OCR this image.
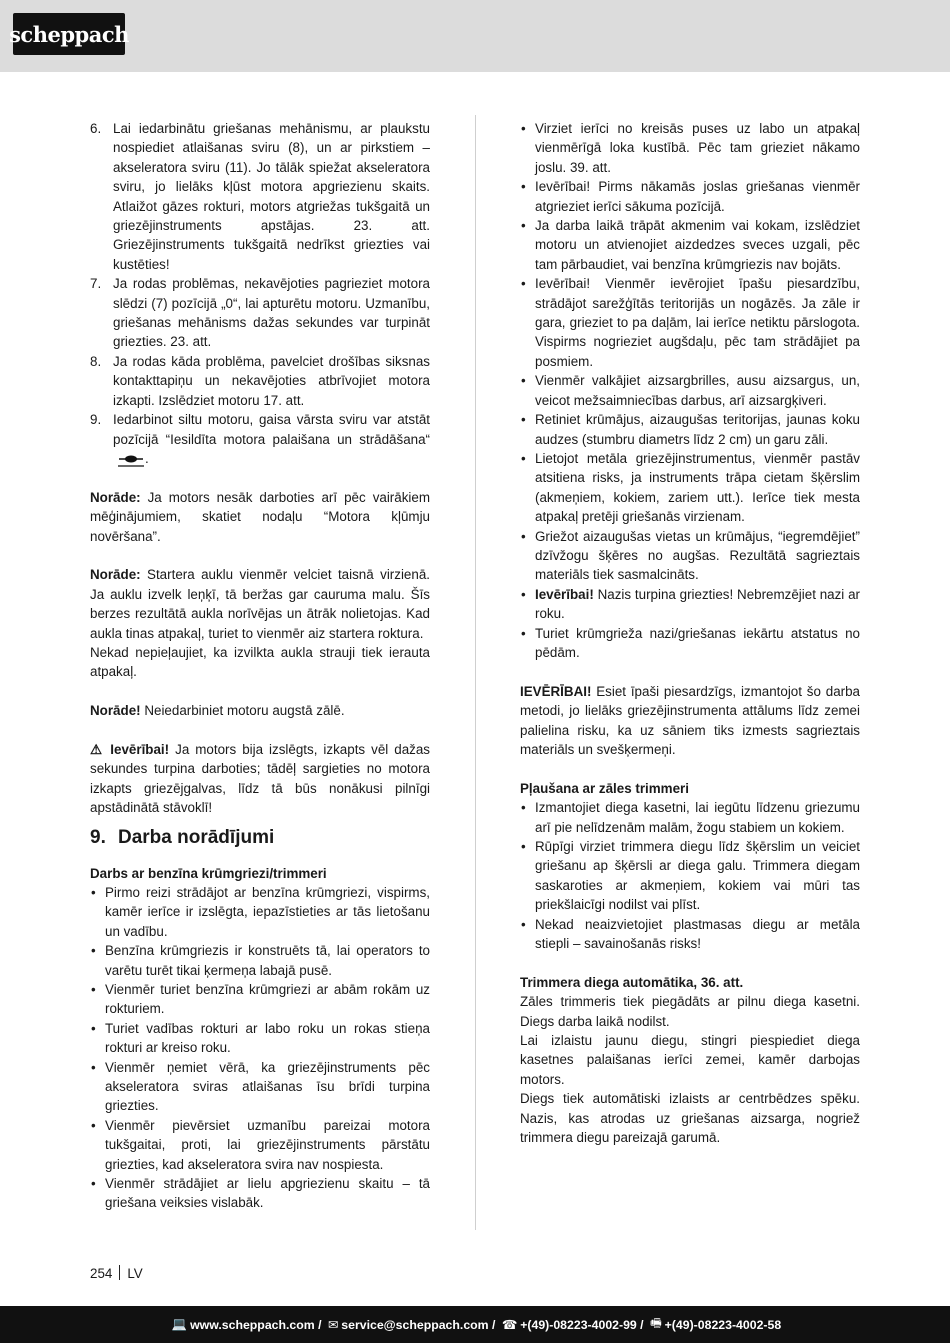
scheppach
6. Lai iedarbinātu griešanas mehānismu, ar plaukstu nospiediet atlaišanas sviru (8), un ar pirkstiem – akseleratora sviru (11). Jo tālāk spiežat akseleratora sviru, jo lielāks kļūst motora apgriezienu skaits. Atlaižot gāzes rokturi, motors atgriežas tukšgaitā un griezējinstruments apstājas. 23. att. Griezējinstruments tukšgaitā nedrīkst griezties vai kustēties!
7. Ja rodas problēmas, nekavējoties pagrieziet motora slēdzi (7) pozīcijā „0“, lai apturētu motoru. Uzmanību, griešanas mehānisms dažas sekundes var turpināt griezties. 23. att.
8. Ja rodas kāda problēma, pavelciet drošības siksnas kontakttapiņu un nekavējoties atbrīvojiet motora izkapti. Izslēdziet motoru 17. att.
9. Iedarbinot siltu motoru, gaisa vārsta sviru var atstāt pozīcijā “Iesildīta motora palaišana un strādāšana“ .

Norāde: Ja motors nesāk darboties arī pēc vairākiem mēģinājumiem, skatiet nodaļu “Motora kļūmju novēršana”.

Norāde: Startera auklu vienmēr velciet taisnā virzienā. Ja auklu izvelk leņķī, tā beržas gar cauruma malu. Šīs berzes rezultātā aukla norīvējas un ātrāk nolietojas. Kad aukla tinas atpakaļ, turiet to vienmēr aiz startera roktura.

Nekad nepieļaujiet, ka izvilkta aukla strauji tiek ierauta atpakaļ.

Norāde! Neiedarbiniet motoru augstā zālē.

⚠ Ievērībai! Ja motors bija izslēgts, izkapts vēl dažas sekundes turpina darboties; tādēļ sargieties no motora izkapts griezējgalvas, līdz tā būs nonākusi pilnīgi apstādinātā stāvoklī!

9. Darba norādījumi
Darbs ar benzīna krūmgriezi/trimmeri
• Pirmo reizi strādājot ar benzīna krūmgriezi, vispirms, kamēr ierīce ir izslēgta, iepazīstieties ar tās lietošanu un vadību.
• Benzīna krūmgriezis ir konstruēts tā, lai operators to varētu turēt tikai ķermeņa labajā pusē.
• Vienmēr turiet benzīna krūmgriezi ar abām rokām uz rokturiem.
• Turiet vadības rokturi ar labo roku un rokas stieņa rokturi ar kreiso roku.
• Vienmēr ņemiet vērā, ka griezējinstruments pēc akseleratora sviras atlaišanas īsu brīdi turpina griezties.
• Vienmēr pievērsiet uzmanību pareizai motora tukšgaitai, proti, lai griezējinstruments pārstātu griezties, kad akseleratora svira nav nospiesta.
• Vienmēr strādājiet ar lielu apgriezienu skaitu – tā griešana veiksies vislabāk.
• Virziet ierīci no kreisās puses uz labo un atpakaļ vienmērīgā loka kustībā. Pēc tam grieziet nākamo joslu. 39. att.
• Ievērībai! Pirms nākamās joslas griešanas vienmēr atgrieziet ierīci sākuma pozīcijā.
• Ja darba laikā trāpāt akmenim vai kokam, izslēdziet motoru un atvienojiet aizdedzes sveces uzgali, pēc tam pārbaudiet, vai benzīna krūmgriezis nav bojāts.
• Ievērībai! Vienmēr ievērojiet īpašu piesardzību, strādājot sarežģītās teritorijās un nogāzēs. Ja zāle ir gara, grieziet to pa daļām, lai ierīce netiktu pārslogota. Vispirms nogrieziet augšdaļu, pēc tam strādājiet pa posmiem.
• Vienmēr valkājiet aizsargbrilles, ausu aizsargus, un, veicot mežsaimniecības darbus, arī aizsargķiveri.
• Retiniet krūmājus, aizaugušas teritorijas, jaunas koku audzes (stumbru diametrs līdz 2 cm) un garu zāli.
• Lietojot metāla griezējinstrumentus, vienmēr pastāv atsitiena risks, ja instruments trāpa cietam šķērslim (akmeņiem, kokiem, zariem utt.). Ierīce tiek mesta atpakaļ pretēji griešanās virzienam.
• Griežot aizaugušas vietas un krūmājus, “iegremdējiet” dzīvžogu šķēres no augšas. Rezultātā sagrieztais materiāls tiek sasmalcināts.
• Ievērībai! Nazis turpina griezties! Nebremzējiet nazi ar roku.
• Turiet krūmgrieža nazi/griešanas iekārtu atstatus no pēdām.

IEVĒRĪBAI! Esiet īpaši piesardzīgs, izmantojot šo darba metodi, jo lielāks griezējinstrumenta attālums līdz zemei palielina risku, ka uz sāniem tiks izmests sagrieztais materiāls un svešķermeņi.

Pļaušana ar zāles trimmeri
• Izmantojiet diega kasetni, lai iegūtu līdzenu griezumu arī pie nelīdzenām malām, žogu stabiem un kokiem.
• Rūpīgi virziet trimmera diegu līdz šķērslim un veiciet griešanu ap šķērsli ar diega galu. Trimmera diegam saskaroties ar akmeņiem, kokiem vai mūri tas priekšlaicīgi nodilst vai plīst.
• Nekad neaizvietojiet plastmasas diegu ar metāla stiepli – savainošanās risks!
Trimmera diega automātika, 36. att.

Zāles trimmeris tiek piegādāts ar pilnu diega kasetni. Diegs darba laikā nodilst.

Lai izlaistu jaunu diegu, stingri piespiediet diega kasetnes palaišanas ierīci zemei, kamēr darbojas motors.

Diegs tiek automātiski izlaists ar centrbēdzes spēku. Nazis, kas atrodas uz griešanas aizsarga, nogriež trimmera diegu pareizajā garumā.

254 LV
💻 www.scheppach.com / ✉ service@scheppach.com / ☎ +(49)-08223-4002-99 / 🖷 +(49)-08223-4002-58
